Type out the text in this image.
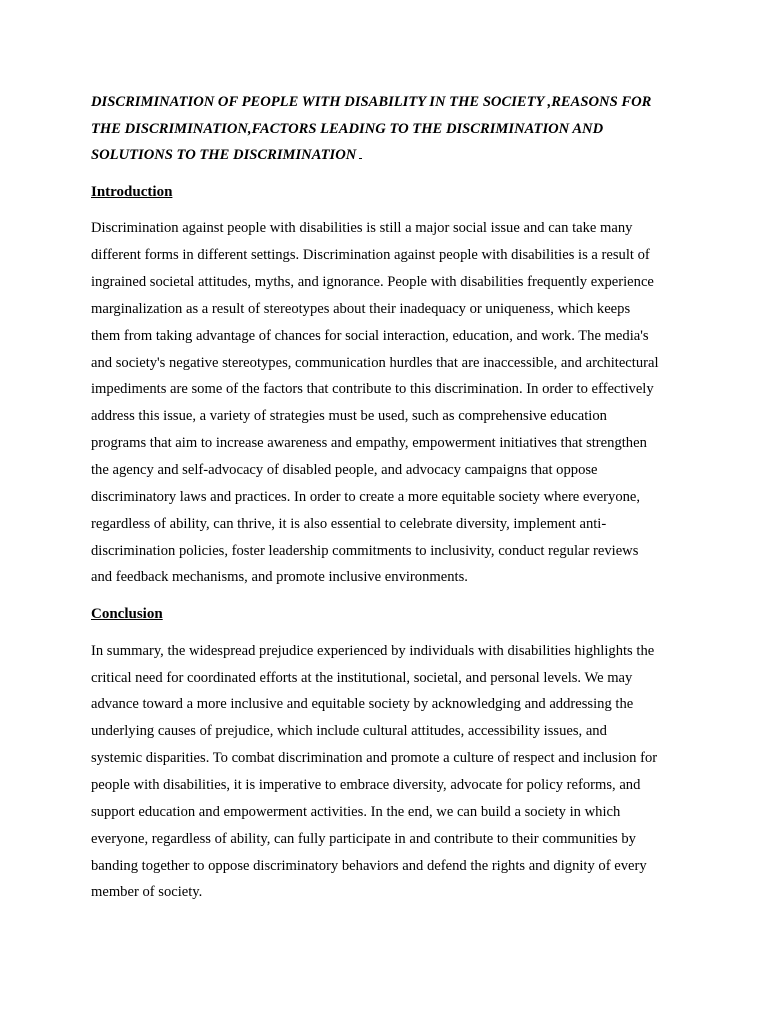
DISCRIMINATION OF PEOPLE WITH DISABILITY IN THE SOCIETY ,REASONS FOR
THE DISCRIMINATION,FACTORS LEADING TO THE DISCRIMINATION AND
SOLUTIONS TO THE DISCRIMINATION

Introduction

Discrimination against people with disabilities is still a major social issue and can take many
different forms in different settings. Discrimination against people with disabilities is a result of
ingrained societal attitudes, myths, and ignorance. People with disabilities frequently experience
marginalization as a result of stereotypes about their inadequacy or uniqueness, which keeps
them from taking advantage of chances for social interaction, education, and work. The media's
and society's negative stereotypes, communication hurdles that are inaccessible, and architectural
impediments are some of the factors that contribute to this discrimination. In order to effectively
address this issue, a variety of strategies must be used, such as comprehensive education
programs that aim to increase awareness and empathy, empowerment initiatives that strengthen
the agency and self-advocacy of disabled people, and advocacy campaigns that oppose
discriminatory laws and practices. In order to create a more equitable society where everyone,
regardless of ability, can thrive, it is also essential to celebrate diversity, implement anti-
discrimination policies, foster leadership commitments to inclusivity, conduct regular reviews
and feedback mechanisms, and promote inclusive environments.

Conclusion

In summary, the widespread prejudice experienced by individuals with disabilities highlights the
critical need for coordinated efforts at the institutional, societal, and personal levels. We may
advance toward a more inclusive and equitable society by acknowledging and addressing the
underlying causes of prejudice, which include cultural attitudes, accessibility issues, and
systemic disparities. To combat discrimination and promote a culture of respect and inclusion for
people with disabilities, it is imperative to embrace diversity, advocate for policy reforms, and
support education and empowerment activities. In the end, we can build a society in which
everyone, regardless of ability, can fully participate in and contribute to their communities by
banding together to oppose discriminatory behaviors and defend the rights and dignity of every
member of society.
